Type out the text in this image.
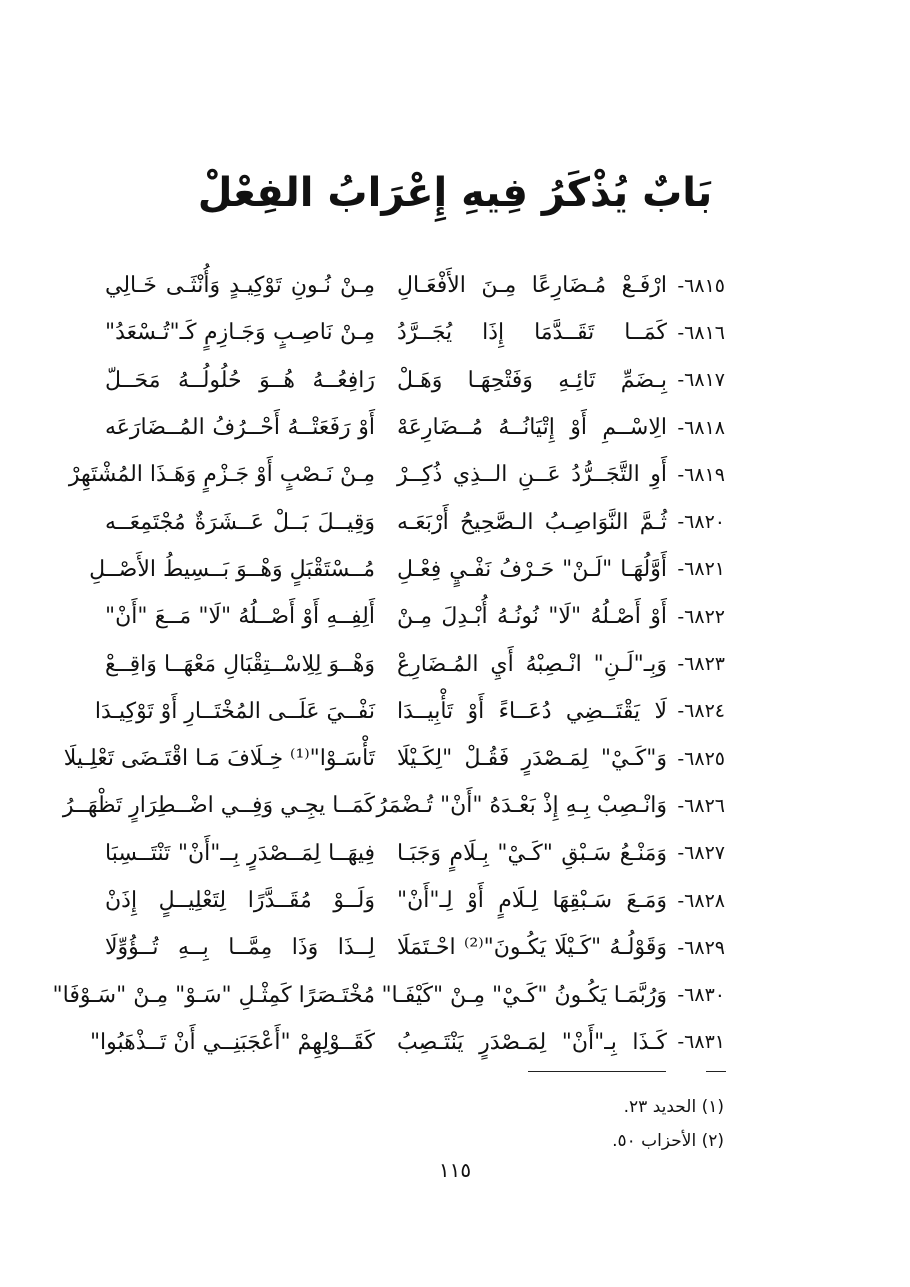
بَابٌ يُذْكَرُ فِيهِ إِعْرَابُ الفِعْلْ
٦٨١٥-
ارْفَـعْ مُـضَارِعًا مِـنَ الأَفْعَـالِ
مِـنْ نُـونِ تَوْكِيـدٍ وَأُنْثَـى خَـالِي
٦٨١٦-
كَمَــا تَقَــدَّمَا إِذَا يُجَــرَّدُ
مِـنْ نَاصِـبٍ وَجَـازِمٍ كَـ"تُـسْعَدُ"
٦٨١٧-
بِـضَمِّ تَائِـهِ وَفَتْحِهَـا وَهَـلْ
رَافِعُــهُ هُــوَ حُلُولُــهُ مَحَــلّ
٦٨١٨-
الِاسْــمِ أَوْ إِتْيَانُــهُ مُــضَارِعَهْ
أَوْ رَفَعَتْــهُ أَحْــرُفُ المُــضَارَعَه
٦٨١٩-
أَوِ التَّجَــرُّدُ عَــنِ الــذِي ذُكِــرْ
مِـنْ نَـصْبٍ أَوْ جَـزْمٍ وَهَـذَا المُشْتَهِرْ
٦٨٢٠-
ثُـمَّ النَّوَاصِـبُ الـصَّحِيحُ أَرْبَعَـه
وَقِيــلَ بَــلْ عَــشَرَةٌ مُجْتَمِعَــه
٦٨٢١-
أَوَّلُهَـا "لَـنْ" حَـرْفُ نَفْـيٍ فِعْـلِ
مُــسْتَقْبَلٍ وَهْــوَ بَــسِيطُ الأَصْــلِ
٦٨٢٢-
أَوْ أَصْـلُهُ "لَا" نُونُـهُ أُبْـدِلَ مِـنْ
أَلِفِــهِ أَوْ أَصْــلُهُ "لَا" مَــعَ "أَنْ"
٦٨٢٣-
وَبِـ"لَـنِ" انْـصِبْهُ أَيِ المُـضَارِعْ
وَهْــوَ لِلِاسْــتِقْبَالِ مَعْهَــا وَاقِــعْ
٦٨٢٤-
لَا يَقْتَــضِي دُعَــاءً أَوْ تَأْبِيــدَا
نَفْــيَ عَلَــى المُخْتَــارِ أَوْ تَوْكِيـدَا
٦٨٢٥-
وَ"كَـيْ" لِمَـصْدَرٍ فَقُـلْ "لِكَـيْلَا
تَأْسَـوْا"⁽¹⁾ خِـلَافَ مَـا اقْتَـضَى تَعْلِـيلَا
٦٨٢٦-
وَانْـصِبْ بِـهِ إِذْ بَعْـدَهُ "أَنْ" تُـضْمَرُ
كَمَــا يجِـي وَفِــي اضْــطِرَارٍ تَظْهَــرُ
٦٨٢٧-
وَمَنْـعُ سَـبْقِ "كَـيْ" بِـلَامٍ وَجَبَـا
فِيهَــا لِمَــصْدَرٍ بِــ"أَنْ" تَنْتَــسِبَا
٦٨٢٨-
وَمَـعَ سَـبْقِهَا لِـلَامٍ أَوْ لِـ"أَنْ"
وَلَــوْ مُقَــدَّرًا لِتَعْلِيــلٍ إِذَنْ
٦٨٢٩-
وَقَوْلُـهُ "كَـيْلَا يَكُـونَ"⁽²⁾ احْـتَمَلَا
لِــذَا وَذَا مِمَّــا بِــهِ تُــؤُوِّلَا
٦٨٣٠-
وَرُبَّمَـا يَكُـونُ "كَـيْ" مِـنْ "كَيْفَـا"
مُخْتَـصَرًا كَمِثْـلِ "سَـوْ" مِـنْ "سَـوْفَا"
٦٨٣١-
كَـذَا بِـ"أَنْ" لِمَـصْدَرٍ يَنْتَـصِبُ
كَقَــوْلِهِمْ "أَعْجَبَنِــي أَنْ تَــذْهَبُوا"
(١) الحديد ٢٣.
(٢) الأحزاب ٥٠.
١١٥
